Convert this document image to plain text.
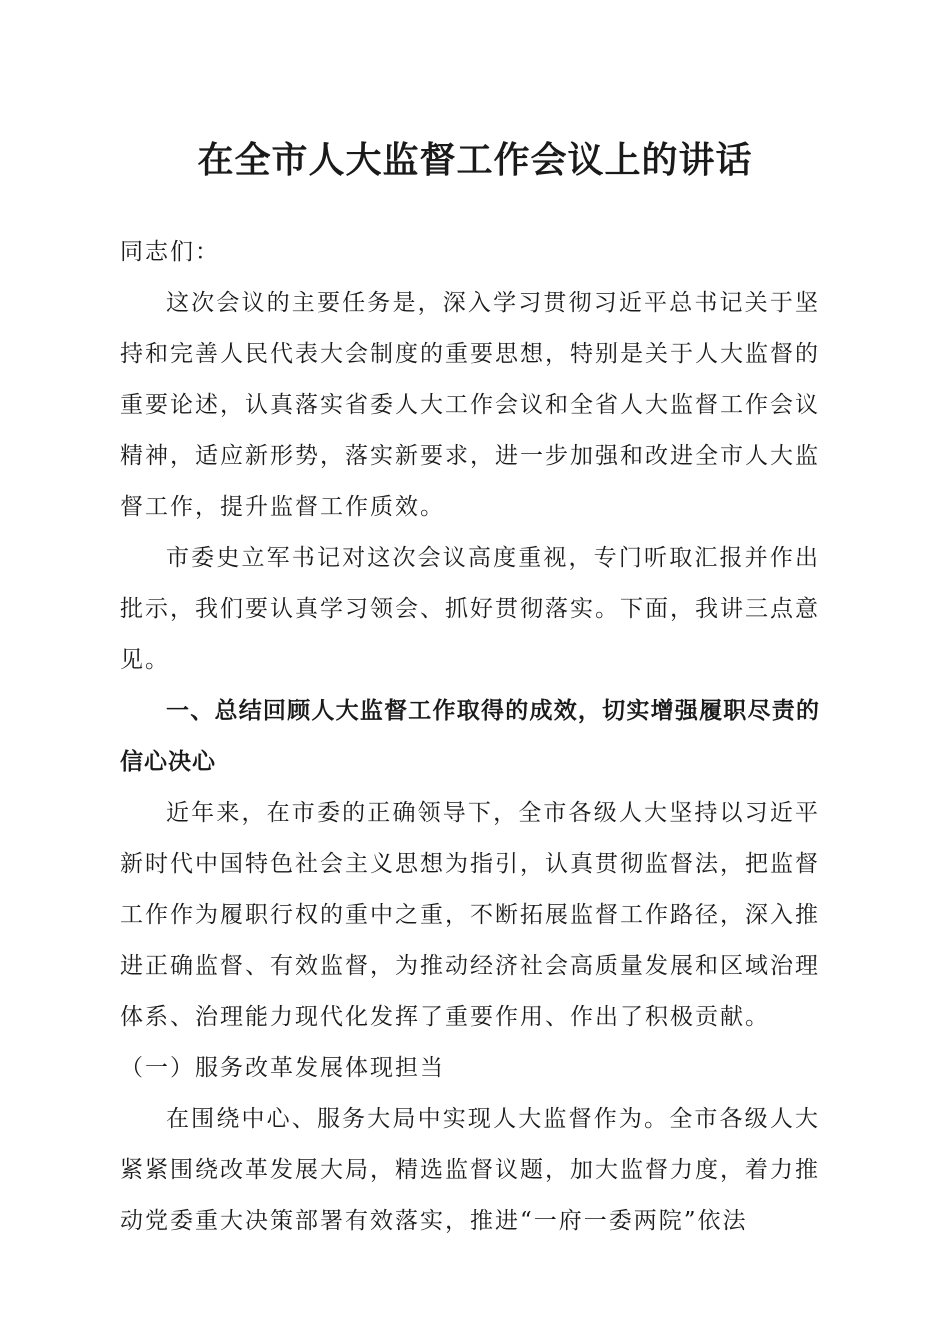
在全市人大监督工作会议上的讲话

同志们：

这次会议的主要任务是，深入学习贯彻习近平总书记关于坚持和完善人民代表大会制度的重要思想，特别是关于人大监督的重要论述，认真落实省委人大工作会议和全省人大监督工作会议精神，适应新形势，落实新要求，进一步加强和改进全市人大监督工作，提升监督工作质效。

市委史立军书记对这次会议高度重视，专门听取汇报并作出批示，我们要认真学习领会、抓好贯彻落实。下面，我讲三点意见。

一、总结回顾人大监督工作取得的成效，切实增强履职尽责的信心决心

近年来，在市委的正确领导下，全市各级人大坚持以习近平新时代中国特色社会主义思想为指引，认真贯彻监督法，把监督工作作为履职行权的重中之重，不断拓展监督工作路径，深入推进正确监督、有效监督，为推动经济社会高质量发展和区域治理体系、治理能力现代化发挥了重要作用、作出了积极贡献。

（一）服务改革发展体现担当

在围绕中心、服务大局中实现人大监督作为。全市各级人大紧紧围绕改革发展大局，精选监督议题，加大监督力度，着力推动党委重大决策部署有效落实，推进“一府一委两院”依法
